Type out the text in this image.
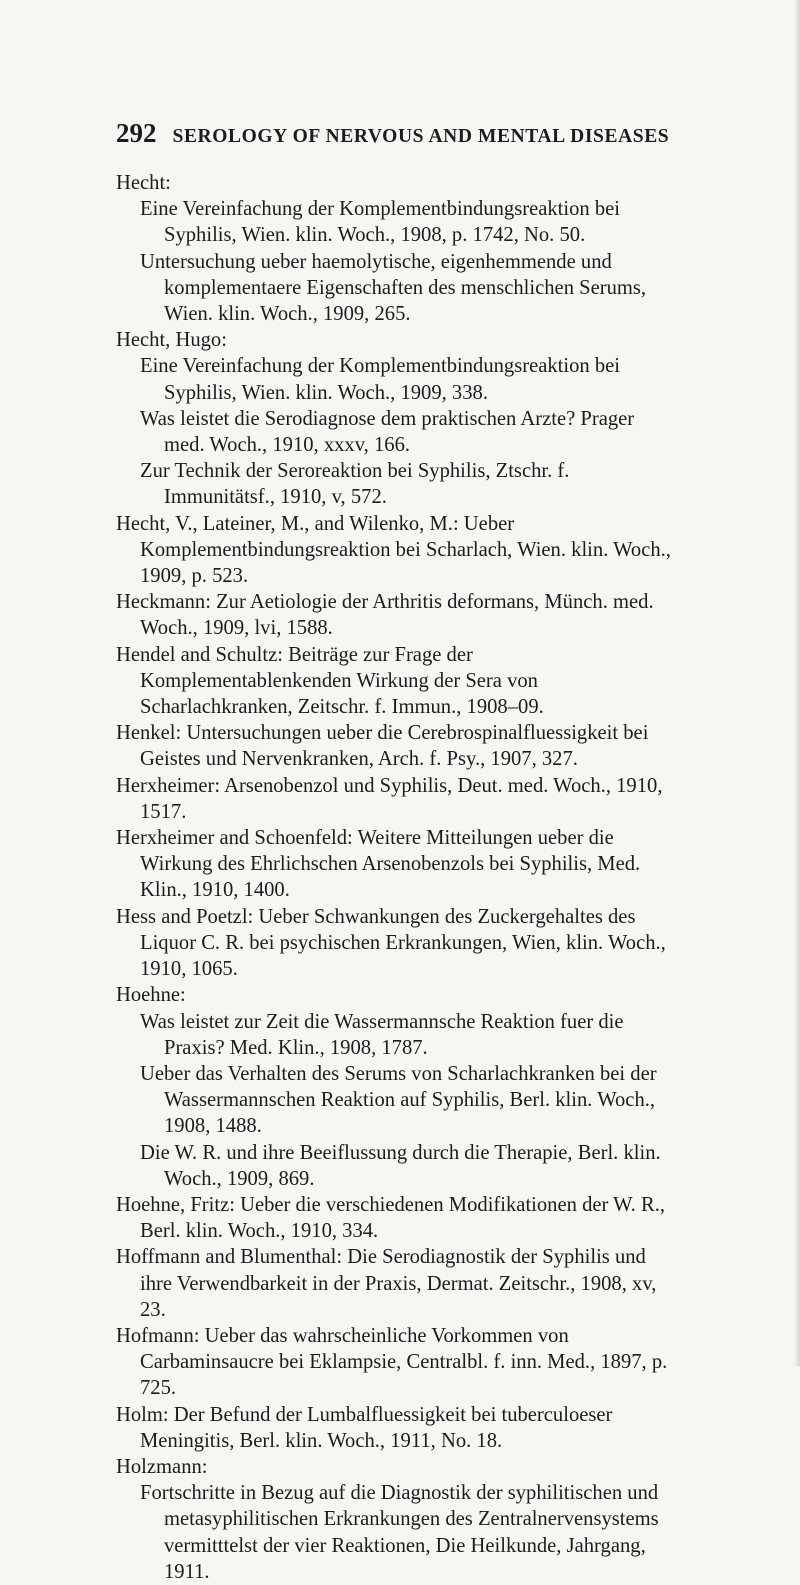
292 SEROLOGY OF NERVOUS AND MENTAL DISEASES

Hecht:

Eine Vereinfachung der Komplementbindungsreaktion bei Syphilis, Wien. klin. Woch., 1908, p. 1742, No. 50.

Untersuchung ueber haemolytische, eigenhemmende und komplementaere Eigenschaften des menschlichen Serums, Wien. klin. Woch., 1909, 265.

Hecht, Hugo:

Eine Vereinfachung der Komplementbindungsreaktion bei Syphilis, Wien. klin. Woch., 1909, 338.

Was leistet die Serodiagnose dem praktischen Arzte? Prager med. Woch., 1910, xxxv, 166.

Zur Technik der Seroreaktion bei Syphilis, Ztschr. f. Immunitätsf., 1910, v, 572.

Hecht, V., Lateiner, M., and Wilenko, M.: Ueber Komplementbindungsreaktion bei Scharlach, Wien. klin. Woch., 1909, p. 523.

Heckmann: Zur Aetiologie der Arthritis deformans, Münch. med. Woch., 1909, lvi, 1588.

Hendel and Schultz: Beiträge zur Frage der Komplementablenkenden Wirkung der Sera von Scharlachkranken, Zeitschr. f. Immun., 1908–09.

Henkel: Untersuchungen ueber die Cerebrospinalfluessigkeit bei Geistes und Nervenkranken, Arch. f. Psy., 1907, 327.

Herxheimer: Arsenobenzol und Syphilis, Deut. med. Woch., 1910, 1517.

Herxheimer and Schoenfeld: Weitere Mitteilungen ueber die Wirkung des Ehrlichschen Arsenobenzols bei Syphilis, Med. Klin., 1910, 1400.

Hess and Poetzl: Ueber Schwankungen des Zuckergehaltes des Liquor C. R. bei psychischen Erkrankungen, Wien, klin. Woch., 1910, 1065.

Hoehne:

Was leistet zur Zeit die Wassermannsche Reaktion fuer die Praxis? Med. Klin., 1908, 1787.

Ueber das Verhalten des Serums von Scharlachkranken bei der Wassermannschen Reaktion auf Syphilis, Berl. klin. Woch., 1908, 1488.

Die W. R. und ihre Beeiflussung durch die Therapie, Berl. klin. Woch., 1909, 869.

Hoehne, Fritz: Ueber die verschiedenen Modifikationen der W. R., Berl. klin. Woch., 1910, 334.

Hoffmann and Blumenthal: Die Serodiagnostik der Syphilis und ihre Verwendbarkeit in der Praxis, Dermat. Zeitschr., 1908, xv, 23.

Hofmann: Ueber das wahrscheinliche Vorkommen von Carbaminsaucre bei Eklampsie, Centralbl. f. inn. Med., 1897, p. 725.

Holm: Der Befund der Lumbalfluessigkeit bei tuberculoeser Meningitis, Berl. klin. Woch., 1911, No. 18.

Holzmann:

Fortschritte in Bezug auf die Diagnostik der syphilitischen und metasyphilitischen Erkrankungen des Zentralnervensystems vermitttelst der vier Reaktionen, Die Heilkunde, Jahrgang, 1911.
